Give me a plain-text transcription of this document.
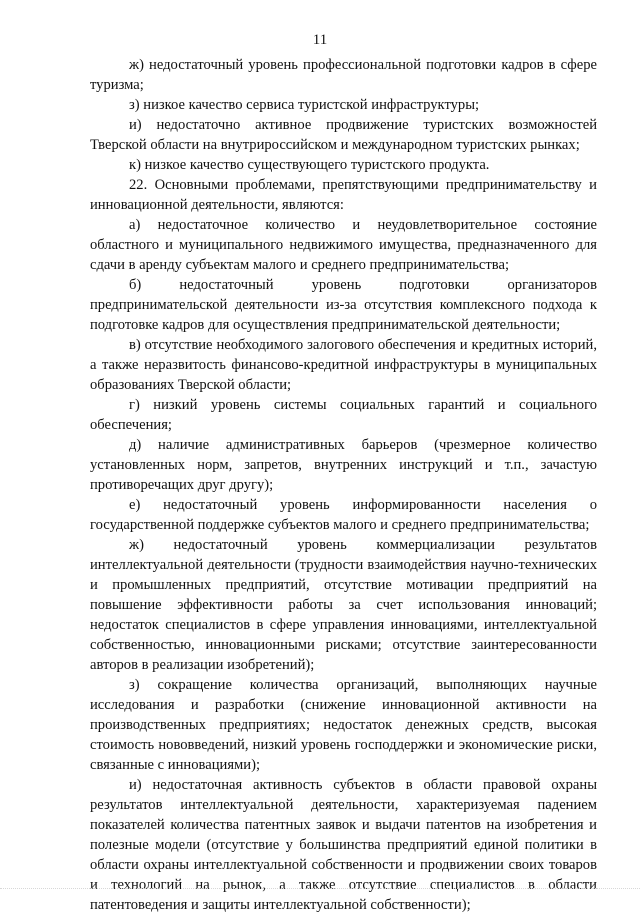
11

ж) недостаточный уровень профессиональной подготовки кадров в сфере туризма;

з) низкое качество сервиса туристской инфраструктуры;

и) недостаточно активное продвижение туристских возможностей Тверской области на внутрироссийском и международном туристских рынках;

к) низкое качество существующего туристского продукта.

22. Основными проблемами, препятствующими предпринимательству и инновационной деятельности, являются:

а) недостаточное количество и неудовлетворительное состояние областного и муниципального недвижимого имущества, предназначенного для сдачи в аренду субъектам малого и среднего предпринимательства;

б) недостаточный уровень подготовки организаторов предпринимательской деятельности из-за отсутствия комплексного подхода к подготовке кадров для осуществления предпринимательской деятельности;

в) отсутствие необходимого залогового обеспечения и кредитных историй, а также неразвитость финансово-кредитной инфраструктуры в муниципальных образованиях Тверской области;

г) низкий уровень системы социальных гарантий и социального обеспечения;

д) наличие административных барьеров (чрезмерное количество установленных норм, запретов, внутренних инструкций и т.п., зачастую противоречащих друг другу);

е) недостаточный уровень информированности населения о государственной поддержке субъектов малого и среднего предпринимательства;

ж) недостаточный уровень коммерциализации результатов интеллектуальной деятельности (трудности взаимодействия научно-технических и промышленных предприятий, отсутствие мотивации предприятий на повышение эффективности работы за счет использования инноваций; недостаток специалистов в сфере управления инновациями, интеллектуальной собственностью, инновационными рисками; отсутствие заинтересованности авторов в реализации изобретений);

з) сокращение количества организаций, выполняющих научные исследования и разработки (снижение инновационной активности на производственных предприятиях; недостаток денежных средств, высокая стоимость нововведений, низкий уровень господдержки и экономические риски, связанные с инновациями);

и) недостаточная активность субъектов в области правовой охраны результатов интеллектуальной деятельности, характеризуемая падением показателей количества патентных заявок и выдачи патентов на изобретения и полезные модели (отсутствие у большинства предприятий единой политики в области охраны интеллектуальной собственности и продвижении своих товаров и технологий на рынок, а также отсутствие специалистов в области патентоведения и защиты интеллектуальной собственности);
